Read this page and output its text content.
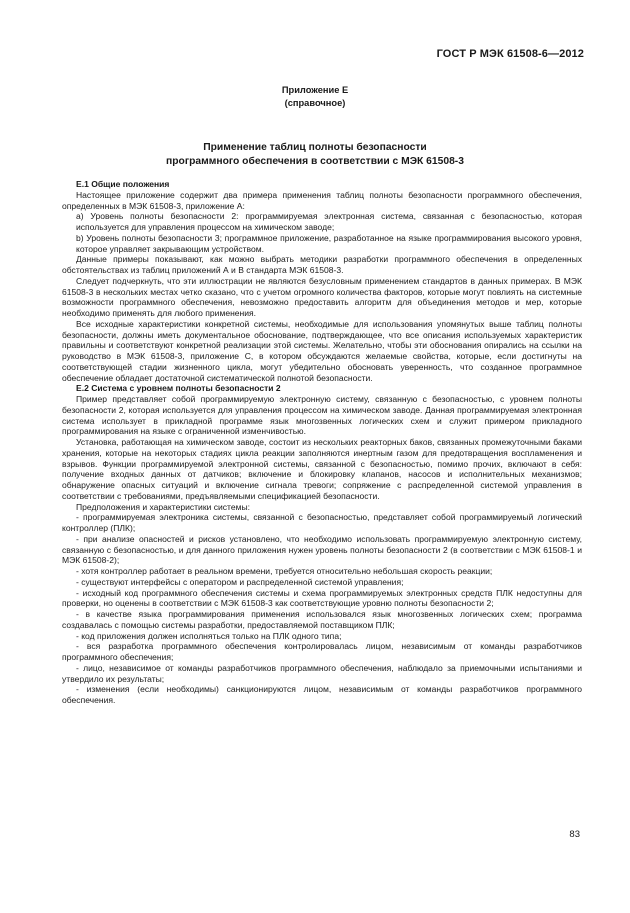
ГОСТ Р МЭК 61508-6—2012
Приложение Е
(справочное)
Применение таблиц полноты безопасности
программного обеспечения в соответствии с МЭК 61508-3

Е.1 Общие положения

Настоящее приложение содержит два примера применения таблиц полноты безопасности программного обеспечения, определенных в МЭК 61508-3, приложение А:

а) Уровень полноты безопасности 2: программируемая электронная система, связанная с безопасностью, которая используется для управления процессом на химическом заводе;

b) Уровень полноты безопасности 3; программное приложение, разработанное на языке программирования высокого уровня, которое управляет закрывающим устройством.

Данные примеры показывают, как можно выбрать методики разработки программного обеспечения в определенных обстоятельствах из таблиц приложений А и В стандарта МЭК 61508-3.

Следует подчеркнуть, что эти иллюстрации не являются безусловным применением стандартов в данных примерах. В МЭК 61508-3 в нескольких местах четко сказано, что с учетом огромного количества факторов, которые могут повлиять на системные возможности программного обеспечения, невозможно предоставить алгоритм для объединения методов и мер, которые необходимо применять для любого применения.

Все исходные характеристики конкретной системы, необходимые для использования упомянутых выше таблиц полноты безопасности, должны иметь документальное обоснование, подтверждающее, что все описания используемых характеристик правильны и соответствуют конкретной реализации этой системы. Желательно, чтобы эти обоснования опирались на ссылки на руководство в МЭК 61508-3, приложение С, в котором обсуждаются желаемые свойства, которые, если достигнуты на соответствующей стадии жизненного цикла, могут убедительно обосновать уверенность, что созданное программное обеспечение обладает достаточной систематической полнотой безопасности.

Е.2 Система с уровнем полноты безопасности 2

Пример представляет собой программируемую электронную систему, связанную с безопасностью, с уровнем полноты безопасности 2, которая используется для управления процессом на химическом заводе. Данная программируемая электронная система использует в прикладной программе язык многозвенных логических схем и служит примером прикладного программирования на языке с ограниченной изменчивостью.

Установка, работающая на химическом заводе, состоит из нескольких реакторных баков, связанных промежуточными баками хранения, которые на некоторых стадиях цикла реакции заполняются инертным газом для предотвращения воспламенения и взрывов. Функции программируемой электронной системы, связанной с безопасностью, помимо прочих, включают в себя: получение входных данных от датчиков; включение и блокировку клапанов, насосов и исполнительных механизмов; обнаружение опасных ситуаций и включение сигнала тревоги; сопряжение с распределенной системой управления в соответствии с требованиями, предъявляемыми спецификацией безопасности.

Предположения и характеристики системы:

- программируемая электроника системы, связанной с безопасностью, представляет собой программируемый логический контроллер (ПЛК);

- при анализе опасностей и рисков установлено, что необходимо использовать программируемую электронную систему, связанную с безопасностью, и для данного приложения нужен уровень полноты безопасности 2 (в соответствии с МЭК 61508-1 и МЭК 61508-2);

- хотя контроллер работает в реальном времени, требуется относительно небольшая скорость реакции;

- существуют интерфейсы с оператором и распределенной системой управления;

- исходный код программного обеспечения системы и схема программируемых электронных средств ПЛК недоступны для проверки, но оценены в соответствии с МЭК 61508-3 как соответствующие уровню полноты безопасности 2;

- в качестве языка программирования применения использовался язык многозвенных логических схем; программа создавалась с помощью системы разработки, предоставляемой поставщиком ПЛК;

- код приложения должен исполняться только на ПЛК одного типа;

- вся разработка программного обеспечения контролировалась лицом, независимым от команды разработчиков программного обеспечения;

- лицо, независимое от команды разработчиков программного обеспечения, наблюдало за приемочными испытаниями и утвердило их результаты;

- изменения (если необходимы) санкционируются лицом, независимым от команды разработчиков программного обеспечения.

83
